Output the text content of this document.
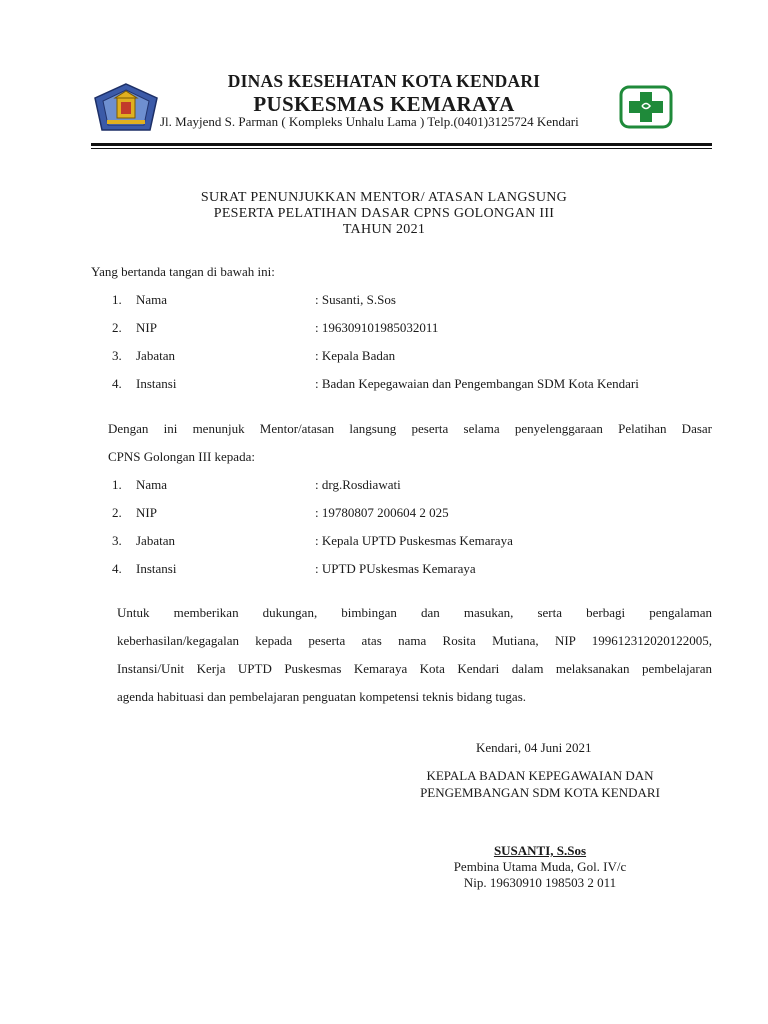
DINAS KESEHATAN KOTA KENDARI
PUSKESMAS KEMARAYA
Jl. Mayjend S. Parman ( Kompleks Unhalu Lama ) Telp.(0401)3125724 Kendari
SURAT PENUNJUKKAN MENTOR/ ATASAN LANGSUNG
PESERTA PELATIHAN DASAR CPNS GOLONGAN III
TAHUN 2021
Yang bertanda tangan di bawah ini:
1.	Nama	: Susanti, S.Sos
2.	NIP	: 196309101985032011
3.	Jabatan	: Kepala Badan
4.	Instansi	: Badan Kepegawaian dan Pengembangan SDM Kota Kendari
Dengan ini menunjuk Mentor/atasan langsung peserta selama penyelenggaraan Pelatihan Dasar
CPNS Golongan III kepada:
1.	Nama	: drg.Rosdiawati
2.	NIP	: 19780807 200604 2 025
3.	Jabatan	: Kepala UPTD Puskesmas Kemaraya
4.	Instansi	: UPTD PUskesmas Kemaraya
Untuk memberikan dukungan, bimbingan dan masukan, serta berbagi pengalaman
keberhasilan/kegagalan kepada peserta atas nama Rosita Mutiana, NIP 199612312020122005,
Instansi/Unit Kerja UPTD Puskesmas Kemaraya Kota Kendari dalam melaksanakan pembelajaran
agenda habituasi dan pembelajaran penguatan kompetensi teknis bidang tugas.
Kendari, 04 Juni 2021
KEPALA BADAN KEPEGAWAIAN DAN
PENGEMBANGAN SDM KOTA KENDARI
SUSANTI, S.Sos
Pembina Utama Muda, Gol. IV/c
Nip. 19630910 198503 2 011
